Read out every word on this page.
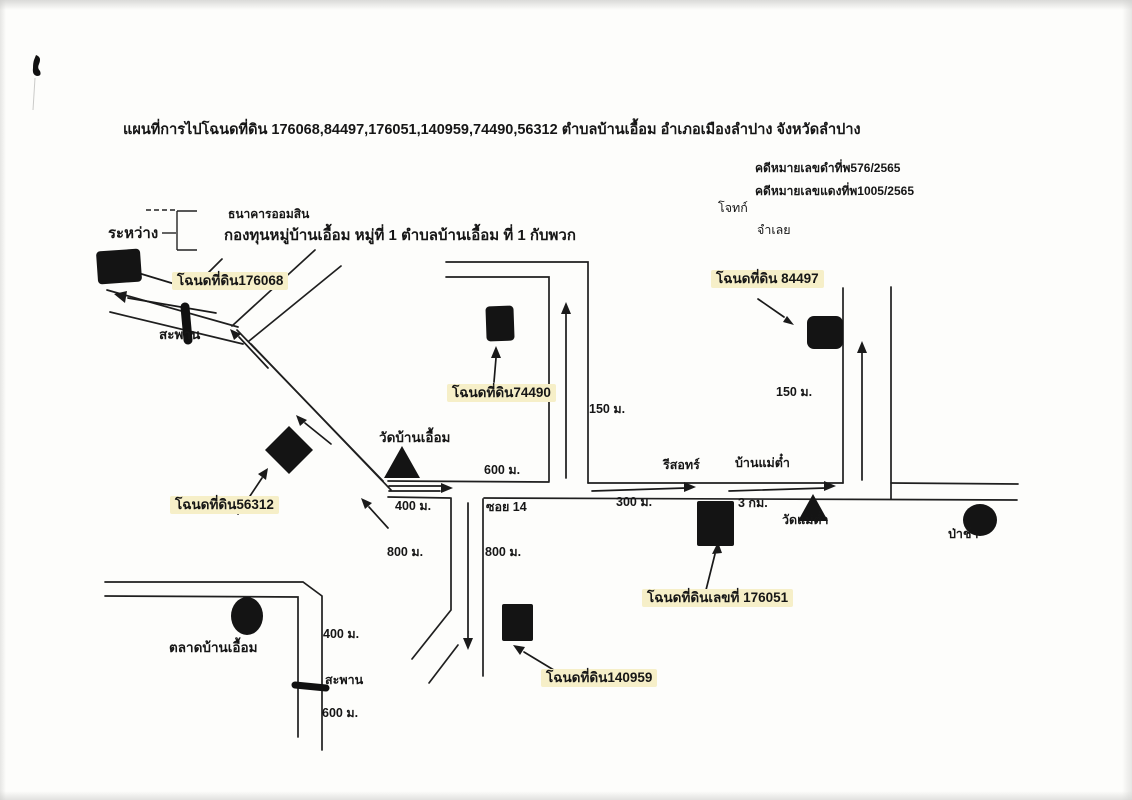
แผนที่การไปโฉนดที่ดิน 176068,84497,176051,140959,74490,56312 ตำบลบ้านเอื้อม อำเภอเมืองลำปาง จังหวัดลำปาง
คดีหมายเลขดำที่พ576/2565
คดีหมายเลขแดงที่พ1005/2565
โจทก์
จำเลย
ระหว่าง
ธนาคารออมสิน
กองทุนหมู่บ้านเอื้อม หมู่ที่ 1 ตำบลบ้านเอื้อม ที่ 1 กับพวก
โฉนดที่ดิน176068
สะพาน
โฉนดที่ดิน74490
150 ม.
โฉนดที่ดิน 84497
150 ม.
วัดบ้านเอื้อม
600 ม.
400 ม.	ซอย 14
รีสอทร์	บ้านแม่ต๋ำ
300 ม.	3 กม.
วัดแม่ต๋ำ
ป่าช้า
โฉนดที่ดินเลขที่ 176051
โฉนดที่ดิน56312
800 ม.	800 ม.
โฉนดที่ดิน140959
ตลาดบ้านเอื้อม
400 ม.
สะพาน
600 ม.
